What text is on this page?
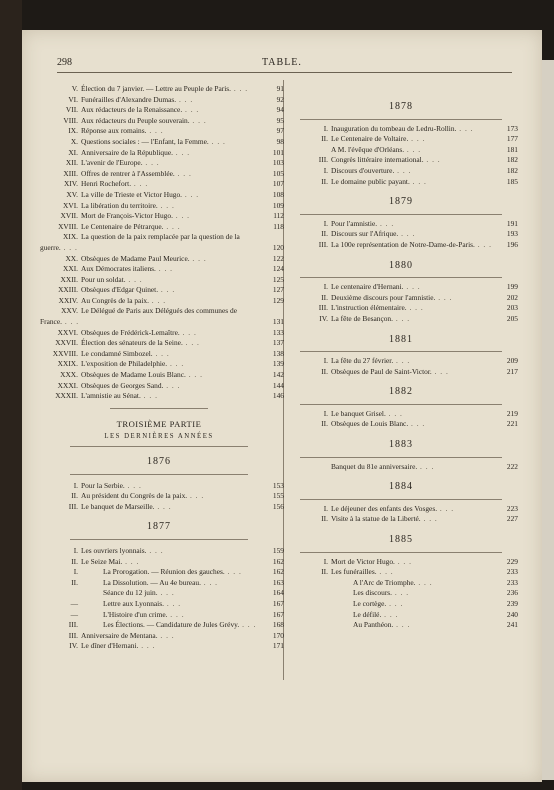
298	TABLE.
V. Élection du 7 janvier. — Lettre au Peuple de Paris. . . .	91
VI. Funérailles d'Alexandre Dumas. . . .	92
VII. Aux rédacteurs de la Renaissance. . . .	94
VIII. Aux rédacteurs du Peuple souverain. . . .	95
IX. Réponse aux romains. . . .	97
X. Questions sociales : — l'Enfant, la Femme. . . .	98
XI. Anniversaire de la République. . . .	101
XII. L'avenir de l'Europe. . . .	103
XIII. Offres de rentrer à l'Assemblée. . . .	105
XIV. Henri Rochefort. . . .	107
XV. La ville de Trieste et Victor Hugo. . . .	108
XVI. La libération du territoire. . . .	109
XVII. Mort de François-Victor Hugo. . . .	112
XVIII. Le Centenaire de Pétrarque. . . .	118
XIX. La question de la paix remplacée par la question de la guerre. . . .	120
XX. Obsèques de Madame Paul Meurice. . . .	122
XXI. Aux Démocrates italiens. . . .	124
XXII. Pour un soldat. . . .	125
XXIII. Obsèques d'Edgar Quinet. . . .	127
XXIV. Au Congrès de la paix. . . .	129
XXV. Le Délégué de Paris aux Délégués des communes de France. . . .	131
XXVI. Obsèques de Frédérick-Lemaître. . . .	133
XXVII. Élection des sénateurs de la Seine. . . .	137
XXVIII. Le condamné Simbozel. . . .	138
XXIX. L'exposition de Philadelphie. . . .	139
XXX. Obsèques de Madame Louis Blanc. . . .	142
XXXI. Obsèques de Georges Sand. . . .	144
XXXII. L'amnistie au Sénat. . . .	146
TROISIÈME PARTIE
LES DERNIÈRES ANNÉES
1876
I. Pour la Serbie. . . .	153
II. Au président du Congrès de la paix. . . .	155
III. Le banquet de Marseille. . . .	156
1877
I. Les ouvriers lyonnais. . . .	159
II. Le Seize Mai. . . .	162
I.	La Prorogation. — Réunion des gauches. . . .	162
II.	La Dissolution. — Au 4e bureau. . . .	163
Séance du 12 juin. . . .	164
—	Lettre aux Lyonnais. . . .	167
—	L'Histoire d'un crime. . . .	167
III.	Les Élections. — Candidature de Jules Grévy. . . .	168
III. Anniversaire de Mentana. . . .	170
IV. Le dîner d'Hernani. . . .	171
1878
I. Inauguration du tombeau de Ledru-Rollin. . . .	173
II. Le Centenaire de Voltaire. . . .	177
A M. l'évêque d'Orléans. . . .	181
III. Congrès littéraire international. . . .	182
I. Discours d'ouverture. . . .	182
II. Le domaine public payant. . . .	185
1879
I. Pour l'amnistie. . . .	191
II. Discours sur l'Afrique. . . .	193
III. La 100e représentation de Notre-Dame-de-Paris. . . .	196
1880
I. Le centenaire d'Hernani. . . .	199
II. Deuxième discours pour l'amnistie. . . .	202
III. L'instruction élémentaire. . . .	203
IV. La fête de Besançon. . . .	205
1881
I. La fête du 27 février. . . .	209
II. Obsèques de Paul de Saint-Victor. . . .	217
1882
I. Le banquet Grisel. . . .	219
II. Obsèques de Louis Blanc. . . .	221
1883
Banquet du 81e anniversaire. . . .	222
1884
I. Le déjeuner des enfants des Vosges. . . .	223
II. Visite à la statue de la Liberté. . . .	227
1885
I. Mort de Victor Hugo. . . .	229
II. Les funérailles. . . .	233
A l'Arc de Triomphe. . . .	233
Les discours. . . .	236
Le cortège. . . .	239
Le défilé. . . .	240
Au Panthéon. . . .	241
